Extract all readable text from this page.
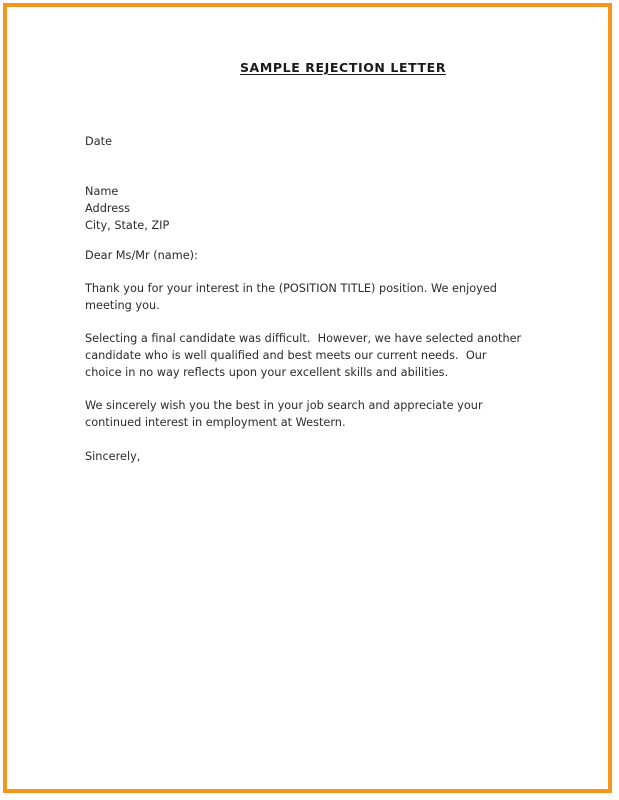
SAMPLE REJECTION LETTER
Date
Name
Address
City, State, ZIP
Dear Ms/Mr (name):
Thank you for your interest in the (POSITION TITLE) position. We enjoyed
meeting you.
Selecting a final candidate was difficult.  However, we have selected another
candidate who is well qualified and best meets our current needs.  Our
choice in no way reflects upon your excellent skills and abilities.
We sincerely wish you the best in your job search and appreciate your
continued interest in employment at Western.
Sincerely,
